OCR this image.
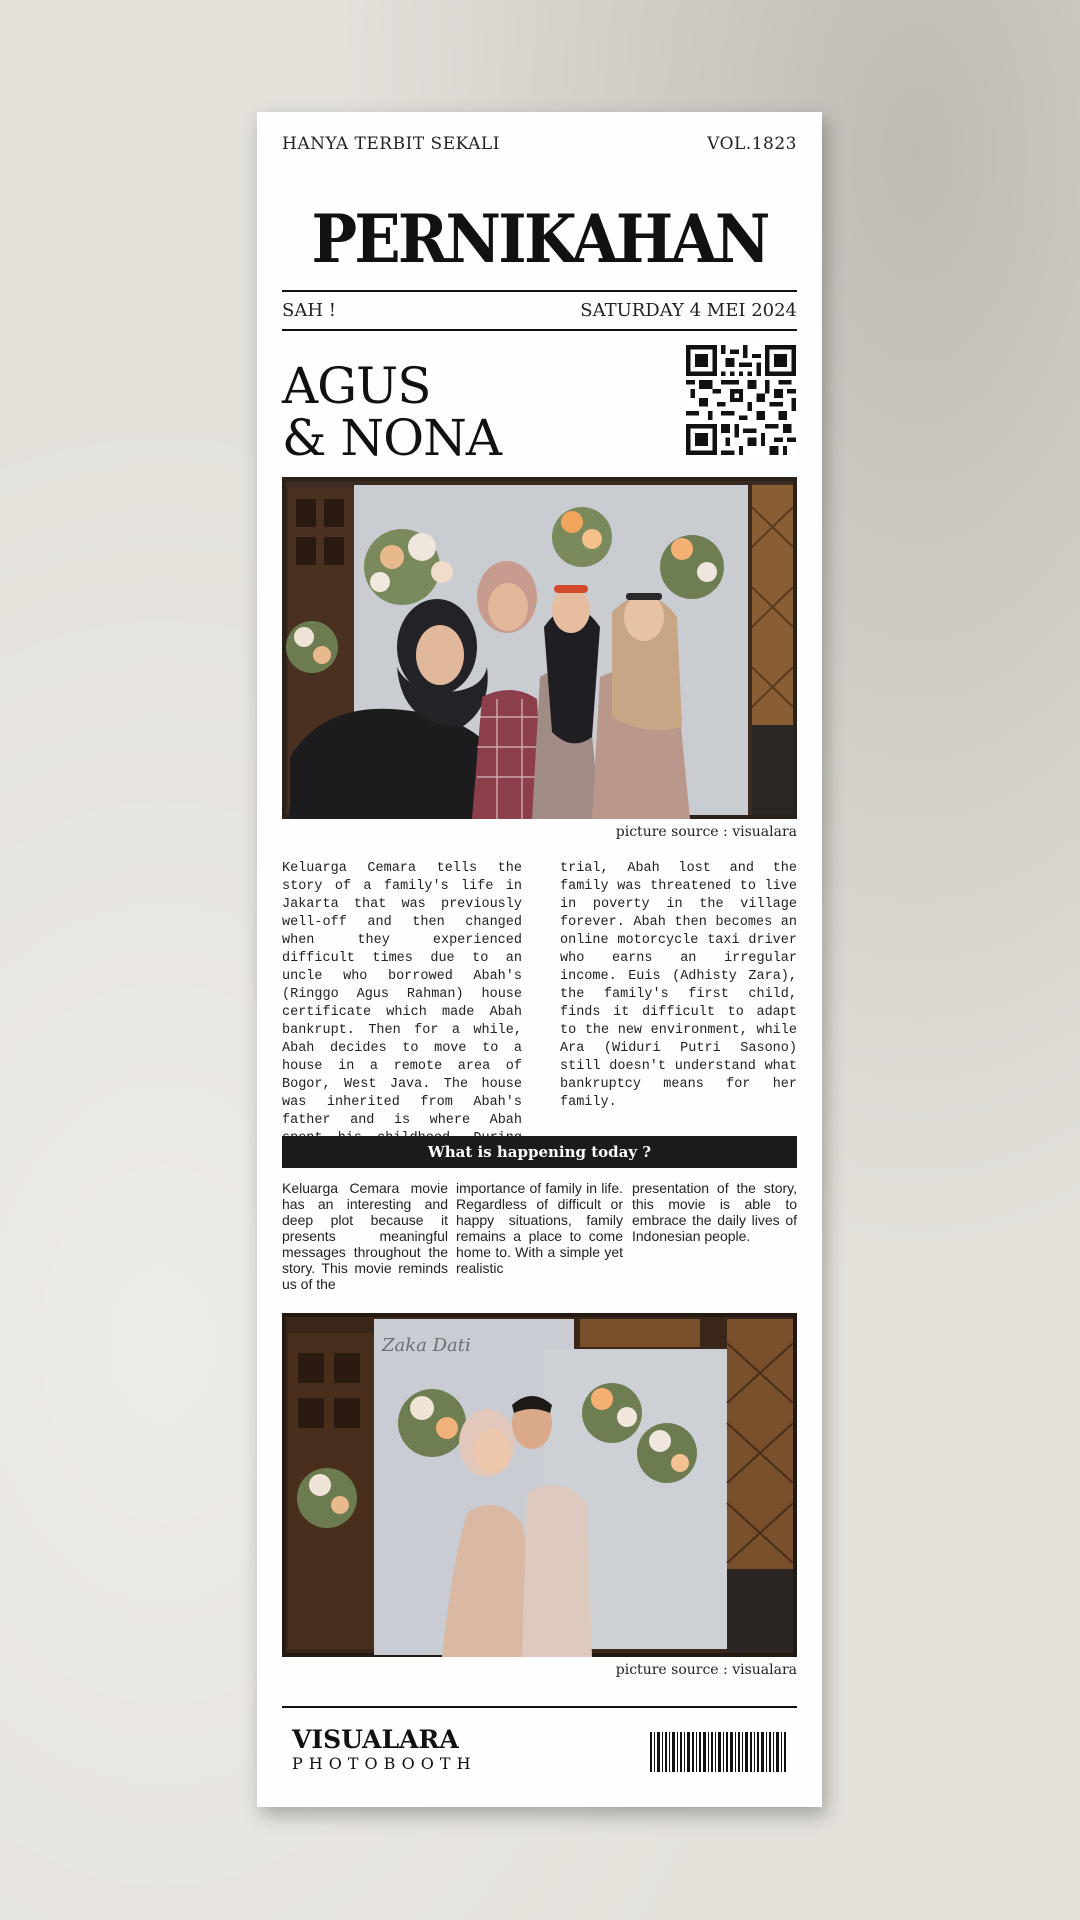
HANYA TERBIT SEKALI	VOL.1823
PERNIKAHAN
SAH !	SATURDAY 4 MEI 2024
AGUS
& NONA
picture source : visualara
Keluarga Cemara tells the story of a family's life in Jakarta that was previously well-off and then changed when they experienced difficult times due to an uncle who borrowed Abah's (Ringgo Agus Rahman) house certificate which made Abah bankrupt. Then for a while, Abah decides to move to a house in a remote area of Bogor, West Java. The house was inherited from Abah's father and is where Abah
trial, Abah lost and the family was threatened to live in poverty in the village forever. Abah then becomes an online motorcycle taxi driver who earns an irregular income. Euis (Adhisty Zara), the family's first child, finds it difficult to adapt to the new environment, while Ara (Widuri Putri Sasono) still doesn't understand what bankruptcy means for her family.
What is happening today ?
Keluarga Cemara movie has an interesting and deep plot because it presents meaningful messages throughout the story. This movie reminds us of the
importance of family in life. Regardless of difficult or happy situations, family remains a place to come home to. With a simple yet realistic
presentation of the story, this movie is able to embrace the daily lives of Indonesian people.
Zaka Dati
picture source : visualara
VISUALARA
PHOTOBOOTH
